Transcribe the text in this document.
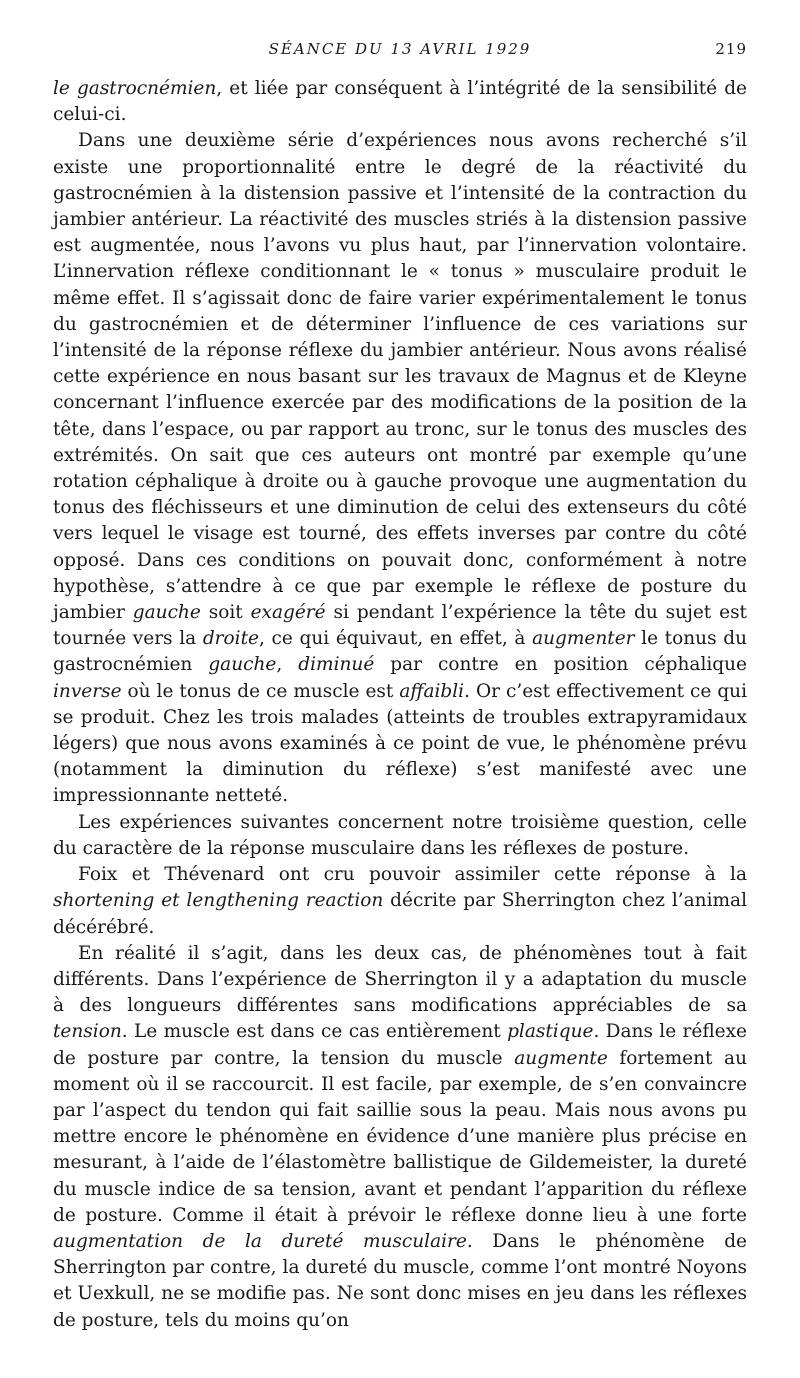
SÉANCE DU 13 AVRIL 1929	219

le gastrocnémien, et liée par conséquent à l’intégrité de la sensibilité de celui-ci.

Dans une deuxième série d’expériences nous avons recherché s’il existe une proportionnalité entre le degré de la réactivité du gastrocnémien à la distension passive et l’intensité de la contraction du jambier antérieur. La réactivité des muscles striés à la distension passive est augmentée, nous l’avons vu plus haut, par l’innervation volontaire. L’innervation réflexe conditionnant le « tonus » musculaire produit le même effet. Il s’agissait donc de faire varier expérimentalement le tonus du gastrocnémien et de déterminer l’influence de ces variations sur l’intensité de la réponse réflexe du jambier antérieur. Nous avons réalisé cette expérience en nous basant sur les travaux de Magnus et de Kleyne concernant l’influence exercée par des modifications de la position de la tête, dans l’espace, ou par rapport au tronc, sur le tonus des muscles des extrémités. On sait que ces auteurs ont montré par exemple qu’une rotation céphalique à droite ou à gauche provoque une augmentation du tonus des fléchisseurs et une diminution de celui des extenseurs du côté vers lequel le visage est tourné, des effets inverses par contre du côté opposé. Dans ces conditions on pouvait donc, conformément à notre hypothèse, s’attendre à ce que par exemple le réflexe de posture du jambier gauche soit exagéré si pendant l’expérience la tête du sujet est tournée vers la droite, ce qui équivaut, en effet, à augmenter le tonus du gastrocnémien gauche, diminué par contre en position céphalique inverse où le tonus de ce muscle est affaibli. Or c’est effectivement ce qui se produit. Chez les trois malades (atteints de troubles extrapyramidaux légers) que nous avons examinés à ce point de vue, le phénomène prévu (notamment la diminution du réflexe) s’est manifesté avec une impressionnante netteté.

Les expériences suivantes concernent notre troisième question, celle du caractère de la réponse musculaire dans les réflexes de posture.

Foix et Thévenard ont cru pouvoir assimiler cette réponse à la shortening et lengthening reaction décrite par Sherrington chez l’animal décérébré.

En réalité il s’agit, dans les deux cas, de phénomènes tout à fait différents. Dans l’expérience de Sherrington il y a adaptation du muscle à des longueurs différentes sans modifications appréciables de sa tension. Le muscle est dans ce cas entièrement plastique. Dans le réflexe de posture par contre, la tension du muscle augmente fortement au moment où il se raccourcit. Il est facile, par exemple, de s’en convaincre par l’aspect du tendon qui fait saillie sous la peau. Mais nous avons pu mettre encore le phénomène en évidence d’une manière plus précise en mesurant, à l’aide de l’élastomètre ballistique de Gildemeister, la dureté du muscle indice de sa tension, avant et pendant l’apparition du réflexe de posture. Comme il était à prévoir le réflexe donne lieu à une forte augmentation de la dureté musculaire. Dans le phénomène de Sherrington par contre, la dureté du muscle, comme l’ont montré Noyons et Uexkull, ne se modifie pas. Ne sont donc mises en jeu dans les réflexes de posture, tels du moins qu’on
